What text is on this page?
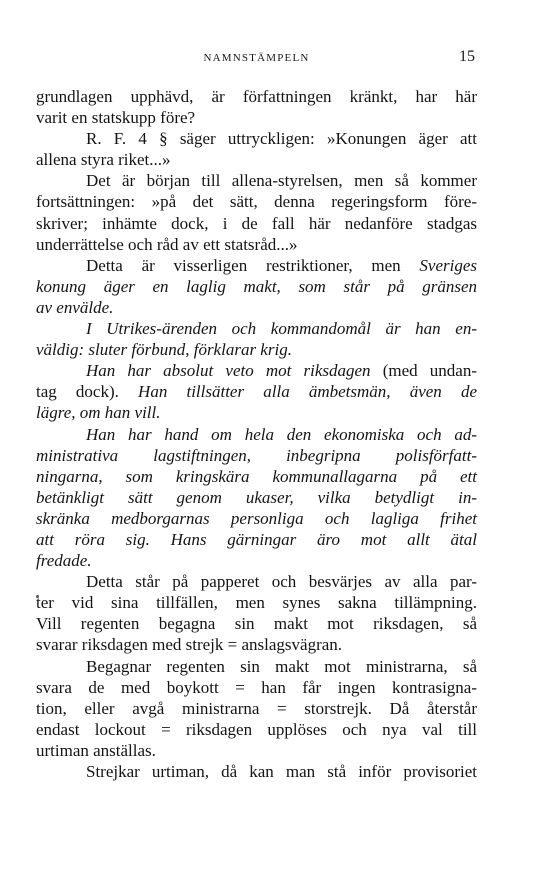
NAMNSTÄMPELN	15

grundlagen upphävd, är författningen kränkt, har här
varit en statskupp före?

R. F. 4 § säger uttryckligen: »Konungen äger att
allena styra riket...»

Det är början till allena-styrelsen, men så kommer
fortsättningen: »på det sätt, denna regeringsform före-
skriver; inhämte dock, i de fall här nedanföre stadgas
underrättelse och råd av ett statsråd...»

Detta är visserligen restriktioner, men Sveriges
konung äger en laglig makt, som står på gränsen
av envälde.

I Utrikes-ärenden och kommandomål är han en-
väldig: sluter förbund, förklarar krig.

Han har absolut veto mot riksdagen (med undan-
tag dock). Han tillsätter alla ämbetsmän, även de
lägre, om han vill.

Han har hand om hela den ekonomiska och ad-
ministrativa lagstiftningen, inbegripna polisförfatt-
ningarna, som kringskära kommunallagarna på ett
betänkligt sätt genom ukaser, vilka betydligt in-
skränka medborgarnas personliga och lagliga frihet
att röra sig. Hans gärningar äro mot allt ätal
fredade.

Detta står på papperet och besvärjes av alla par-
ter vid sina tillfällen, men synes sakna tillämpning.
Vill regenten begagna sin makt mot riksdagen, så
svarar riksdagen med strejk = anslagsvägran.

Begagnar regenten sin makt mot ministrarna, så
svara de med boykott = han får ingen kontrasigna-
tion, eller avgå ministrarna = storstrejk. Då återstår
endast lockout = riksdagen upplöses och nya val till
urtiman anställas.

Strejkar urtiman, då kan man stå inför provisoriet
